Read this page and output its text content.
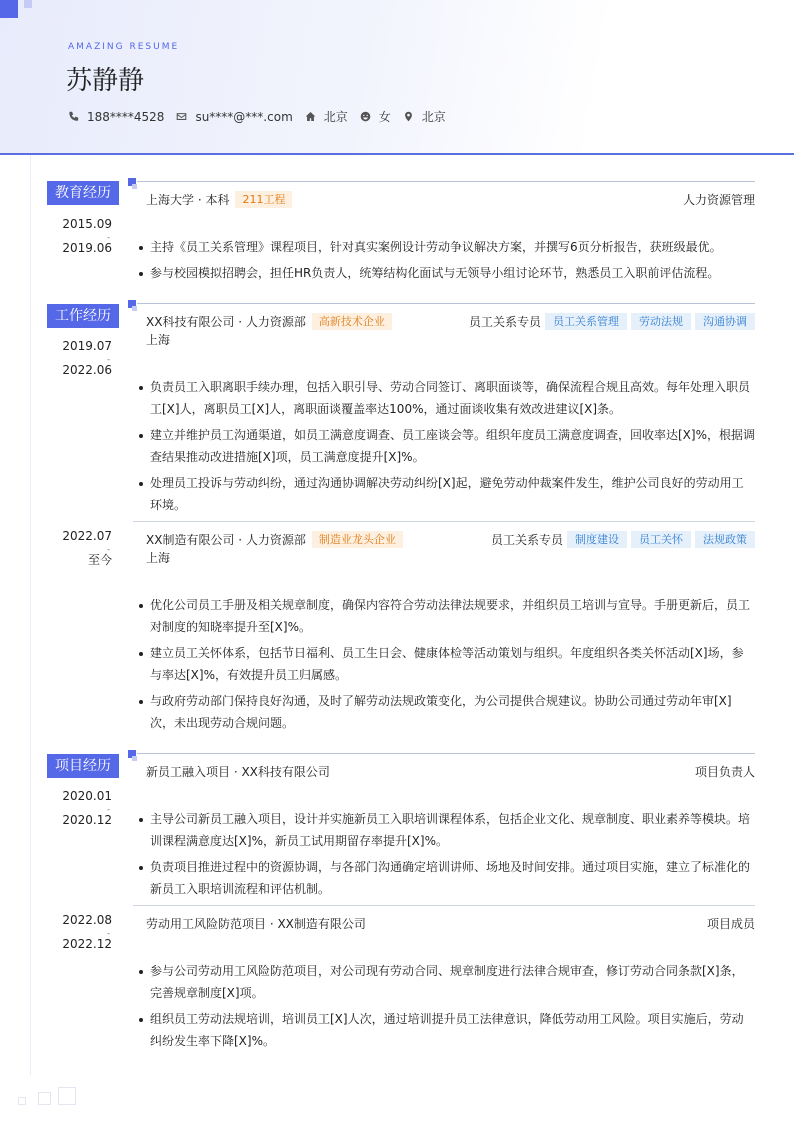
AMAZING RESUME
苏静静
188****4528	su****@***.com	北京	女	北京
教育经历
2015.09
-
2019.06
上海大学 · 本科	211工程	人力资源管理
主持《员工关系管理》课程项目，针对真实案例设计劳动争议解决方案，并撰写6页分析报告，获班级最优。
参与校园模拟招聘会，担任HR负责人，统筹结构化面试与无领导小组讨论环节，熟悉员工入职前评估流程。
工作经历
2019.07
-
2022.06
XX科技有限公司 · 人力资源部	高新技术企业	员工关系专员	员工关系管理	劳动法规	沟通协调
上海
负责员工入职离职手续办理，包括入职引导、劳动合同签订、离职面谈等，确保流程合规且高效。每年处理入职员工[X]人，离职员工[X]人，离职面谈覆盖率达100%，通过面谈收集有效改进建议[X]条。
建立并维护员工沟通渠道，如员工满意度调查、员工座谈会等。组织年度员工满意度调查，回收率达[X]%，根据调查结果推动改进措施[X]项，员工满意度提升[X]%。
处理员工投诉与劳动纠纷，通过沟通协调解决劳动纠纷[X]起，避免劳动仲裁案件发生，维护公司良好的劳动用工环境。
2022.07
-
至今
XX制造有限公司 · 人力资源部	制造业龙头企业	员工关系专员	制度建设	员工关怀	法规政策
上海
优化公司员工手册及相关规章制度，确保内容符合劳动法律法规要求，并组织员工培训与宣导。手册更新后，员工对制度的知晓率提升至[X]%。
建立员工关怀体系，包括节日福利、员工生日会、健康体检等活动策划与组织。年度组织各类关怀活动[X]场，参与率达[X]%，有效提升员工归属感。
与政府劳动部门保持良好沟通，及时了解劳动法规政策变化，为公司提供合规建议。协助公司通过劳动年审[X]次，未出现劳动合规问题。
项目经历
2020.01
-
2020.12
新员工融入项目 · XX科技有限公司	项目负责人
主导公司新员工融入项目，设计并实施新员工入职培训课程体系，包括企业文化、规章制度、职业素养等模块。培训课程满意度达[X]%，新员工试用期留存率提升[X]%。
负责项目推进过程中的资源协调，与各部门沟通确定培训讲师、场地及时间安排。通过项目实施，建立了标准化的新员工入职培训流程和评估机制。
2022.08
-
2022.12
劳动用工风险防范项目 · XX制造有限公司	项目成员
参与公司劳动用工风险防范项目，对公司现有劳动合同、规章制度进行法律合规审查，修订劳动合同条款[X]条，完善规章制度[X]项。
组织员工劳动法规培训，培训员工[X]人次，通过培训提升员工法律意识，降低劳动用工风险。项目实施后，劳动纠纷发生率下降[X]%。
